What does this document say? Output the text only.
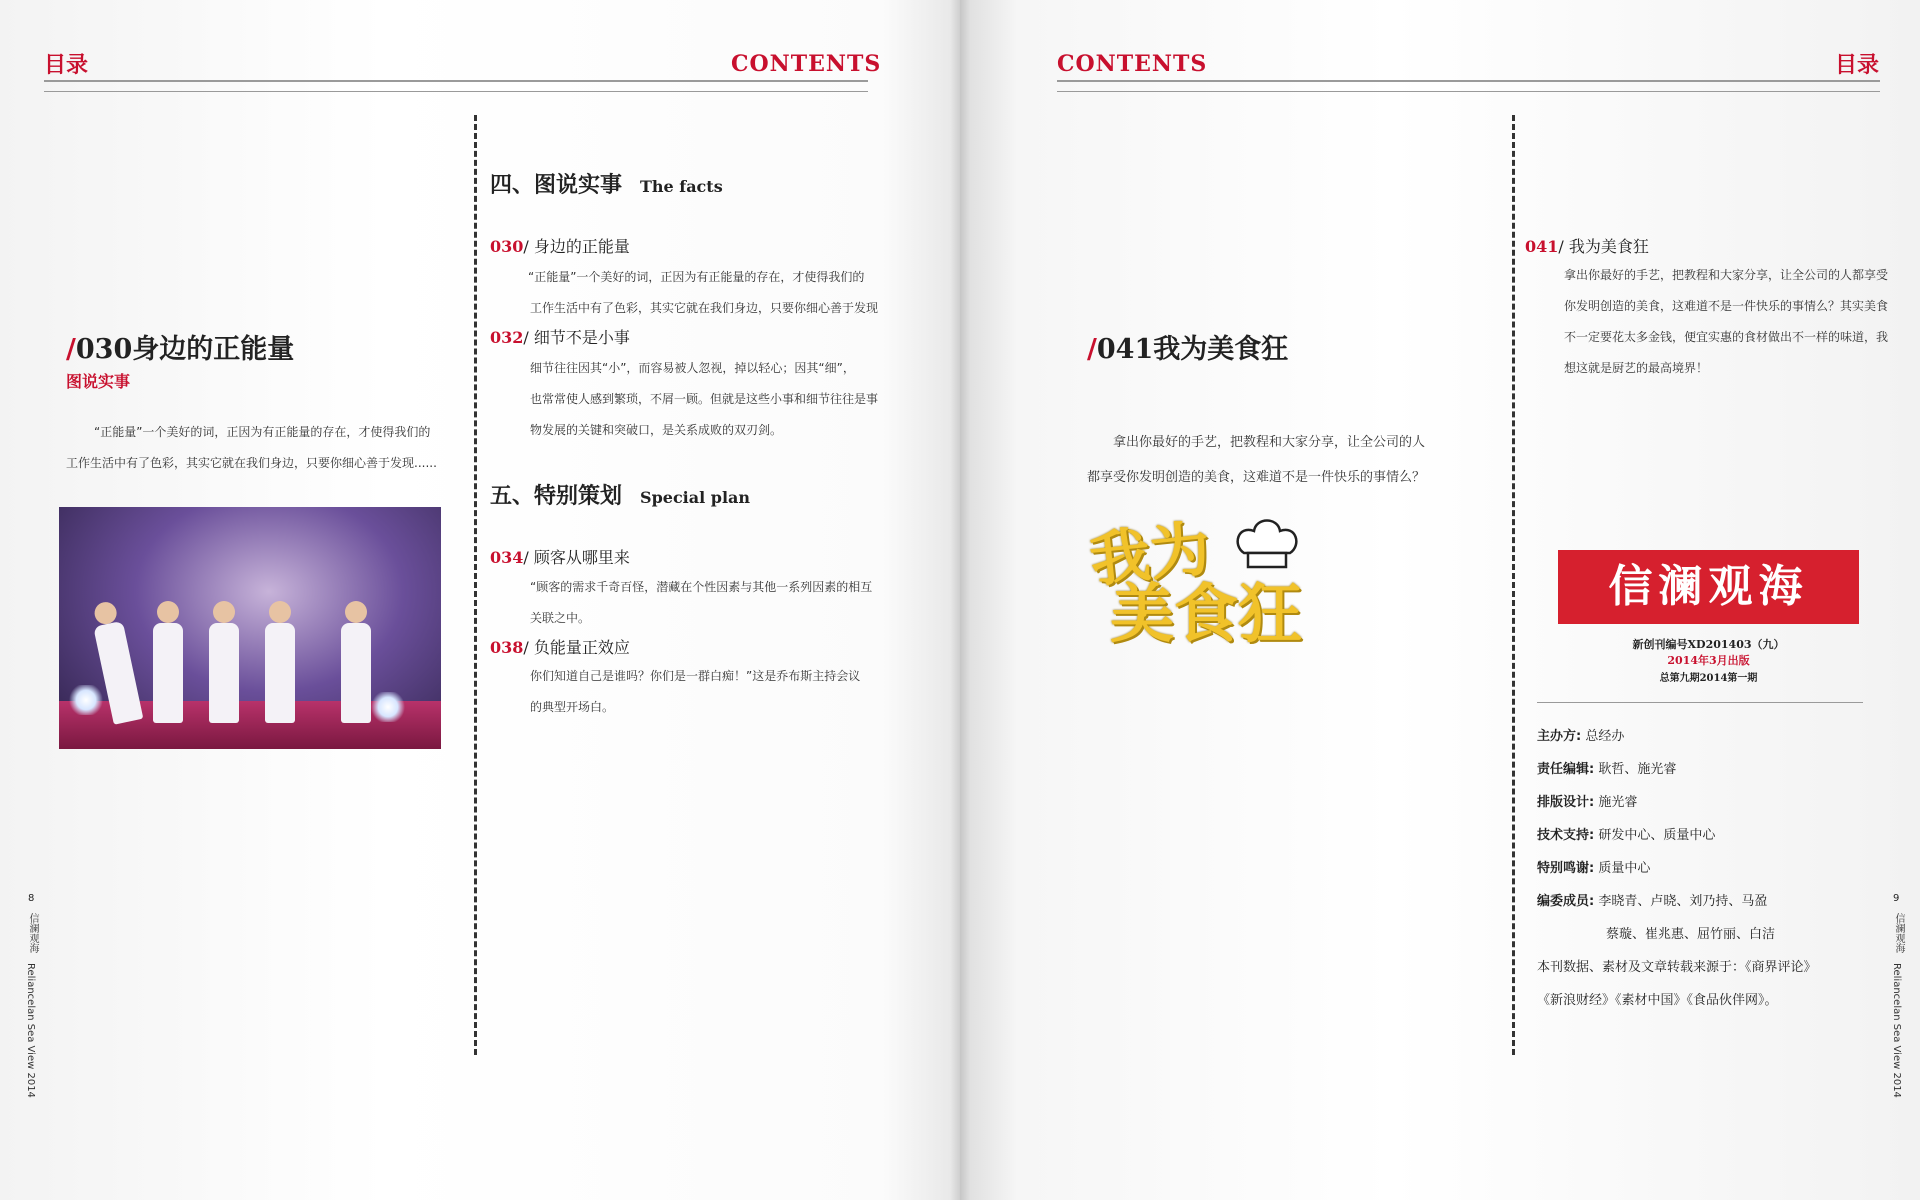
目录	CONTENTS
/030身边的正能量
图说实事
“正能量”一个美好的词，正因为有正能量的存在，才使得我们的
工作生活中有了色彩，其实它就在我们身边，只要你细心善于发现......
四、图说实事 The facts
030/ 身边的正能量
“正能量”一个美好的词，正因为有正能量的存在，才使得我们的
工作生活中有了色彩，其实它就在我们身边，只要你细心善于发现
032/ 细节不是小事
细节往往因其“小”，而容易被人忽视，掉以轻心；因其“细”，
也常常使人感到繁琐，不屑一顾。但就是这些小事和细节往往是事
物发展的关键和突破口，是关系成败的双刃剑。
五、特别策划 Special plan
034/ 顾客从哪里来
“顾客的需求千奇百怪，潜藏在个性因素与其他一系列因素的相互
关联之中。
038/ 负能量正效应
你们知道自己是谁吗？你们是一群白痴！”这是乔布斯主持会议
的典型开场白。
8
信澜观海
Reliancelan Sea View 2014
CONTENTS	目录
/041我为美食狂
拿出你最好的手艺，把教程和大家分享，让全公司的人
都享受你发明创造的美食，这难道不是一件快乐的事情么？
我为
美食狂
041/ 我为美食狂
拿出你最好的手艺，把教程和大家分享，让全公司的人都享受
你发明创造的美食，这难道不是一件快乐的事情么？其实美食
不一定要花太多金钱，便宜实惠的食材做出不一样的味道，我
想这就是厨艺的最高境界！
信澜观海
新创刊编号XD201403（九）
2014年3月出版
总第九期2014第一期
主办方: 总经办
责任编辑: 耿哲、施光睿
排版设计: 施光睿
技术支持: 研发中心、质量中心
特别鸣谢: 质量中心
编委成员: 李晓青、卢晓、刘乃持、马盈
蔡璇、崔兆惠、屈竹丽、白洁
本刊数据、素材及文章转载来源于：《商界评论》
《新浪财经》《素材中国》《食品伙伴网》。
9
信澜观海
Reliancelan Sea View 2014
